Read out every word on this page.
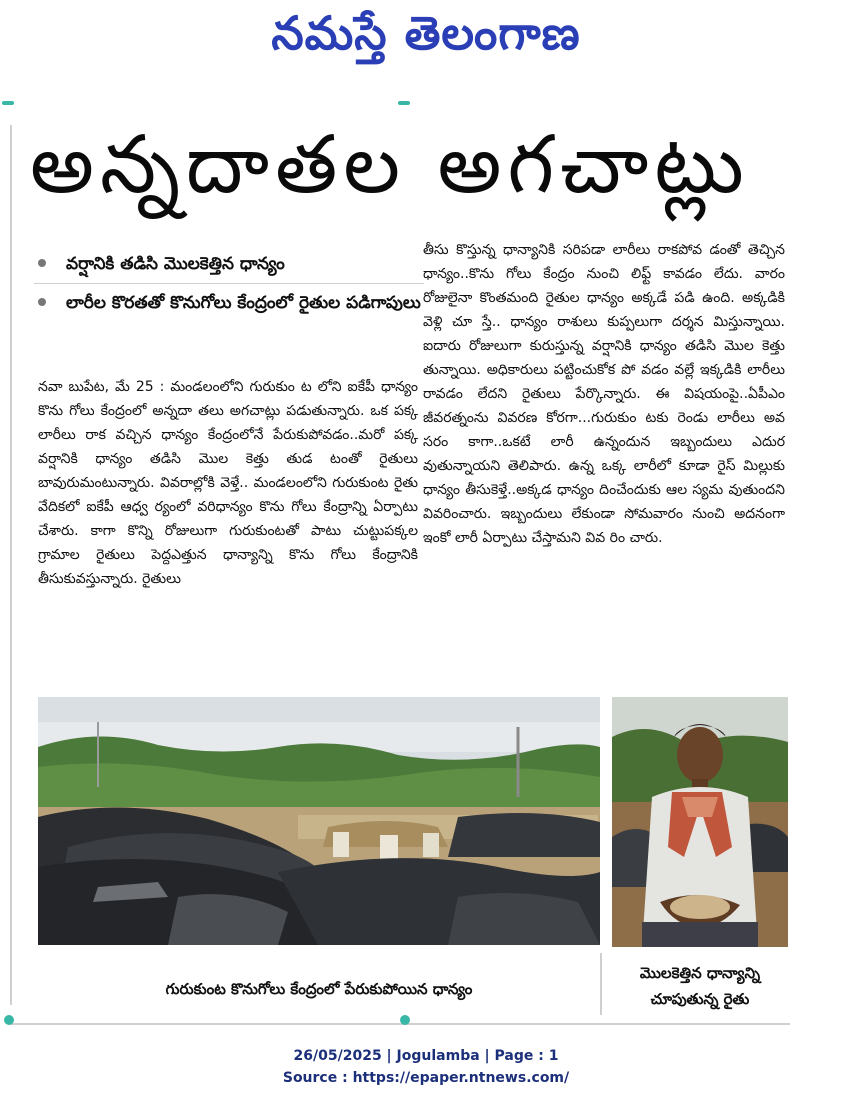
నమస్తే తెలంగాణ
అన్నదాతల అగచాట్లు
వర్షానికి తడిసి మొలకెత్తిన ధాన్యం
లారీల కొరతతో కొనుగోలు కేంద్రంలో రైతుల పడిగాపులు

నవా బుపేట, మే 25 : మండలంలోని గురుకుం ట లోని ఐకేపీ ధాన్యం కొను గోలు కేంద్రంలో అన్నదా తలు అగచాట్లు పడుతున్నారు. ఒక పక్క లారీలు రాక వచ్చిన ధాన్యం కేంద్రంలోనే పేరుకుపోవడం..మరో పక్క వర్షానికి ధాన్యం తడిసి మొల కెత్తు తుడ టంతో రైతులు బావురుమంటున్నారు. వివరాల్లోకి వెళ్తే.. మండలంలోని గురుకుంట రైతు వేదికలో ఐకేపీ ఆధ్వ ర్యంలో వరిధాన్యం కొను గోలు కేంద్రాన్ని ఏర్పాటు చేశారు. కాగా కొన్ని రోజులుగా గురుకుంటతో పాటు చుట్టుపక్కల గ్రామాల రైతులు పెద్దఎత్తున ధాన్యాన్ని కొను గోలు కేంద్రానికి తీసుకువస్తున్నారు. రైతులు

తీసు కొస్తున్న ధాన్యానికి సరిపడా లారీలు రాకపోవ డంతో తెచ్చిన ధాన్యం..కొను గోలు కేంద్రం నుంచి లిఫ్ట్ కావడం లేదు. వారం రోజులైనా కొంతమంది రైతుల ధాన్యం అక్కడే పడి ఉంది. అక్కడికి వెళ్లి చూ స్తే.. ధాన్యం రాశులు కుప్పలుగా దర్శన మిస్తున్నాయి. ఐదారు రోజులుగా కురుస్తున్న వర్షానికి ధాన్యం తడిసి మొల కెత్తు తున్నాయి. అధికారులు పట్టించుకోక పో వడం వల్లే ఇక్కడికి లారీలు రావడం లేదని రైతులు పేర్కొన్నారు. ఈ విషయంపై..ఏపీఎం జీవరత్నంను వివరణ కోరగా...గురుకుం టకు రెండు లారీలు అవ సరం కాగా..ఒకటే లారీ ఉన్నందున ఇబ్బందులు ఎదుర వుతున్నాయని తెలిపారు. ఉన్న ఒక్క లారీలో కూడా రైస్ మిల్లుకు ధాన్యం తీసుకెళ్తే..అక్కడ ధాన్యం దించేందుకు ఆల స్యమ వుతుందని వివరించారు. ఇబ్బందులు లేకుండా సోమవారం నుంచి అదనంగా ఇంకో లారీ ఏర్పాటు చేస్తామని వివ రిం చారు.

గురుకుంట కొనుగోలు కేంద్రంలో పేరుకుపోయిన ధాన్యం
మొలకెత్తిన ధాన్యాన్ని చూపుతున్న రైతు
26/05/2025 | Jogulamba | Page : 1
Source : https://epaper.ntnews.com/
